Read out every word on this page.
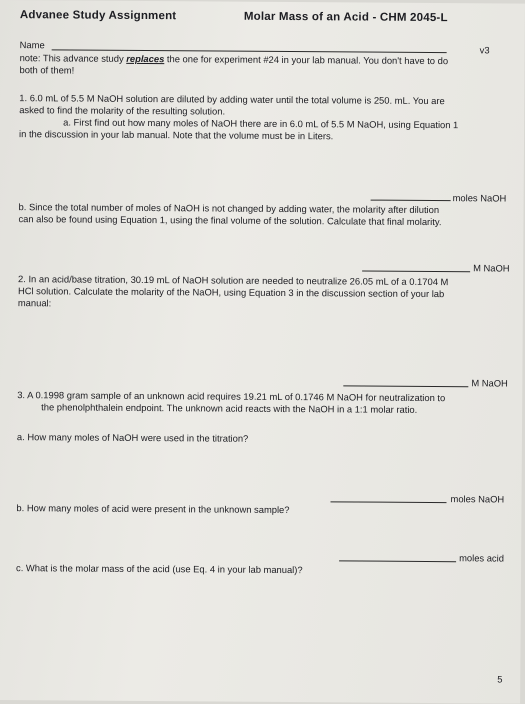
Advanee Study Assignment	Molar Mass of an Acid - CHM 2045-L
Name	v3
note: This advance study replaces the one for experiment #24 in your lab manual. You don't have to do
both of them!
1. 6.0 mL of 5.5 M NaOH solution are diluted by adding water until the total volume is 250. mL. You are
asked to find the molarity of the resulting solution.
a. First find out how many moles of NaOH there are in 6.0 mL of 5.5 M NaOH, using Equation 1
in the discussion in your lab manual. Note that the volume must be in Liters.
moles NaOH
b. Since the total number of moles of NaOH is not changed by adding water, the molarity after dilution
can also be found using Equation 1, using the final volume of the solution. Calculate that final molarity.
M NaOH
2. In an acid/base titration, 30.19 mL of NaOH solution are needed to neutralize 26.05 mL of a 0.1704 M
HCl solution. Calculate the molarity of the NaOH, using Equation 3 in the discussion section of your lab
manual:
M NaOH
3. A 0.1998 gram sample of an unknown acid requires 19.21 mL of 0.1746 M NaOH for neutralization to
the phenolphthalein endpoint. The unknown acid reacts with the NaOH in a 1:1 molar ratio.
a. How many moles of NaOH were used in the titration?
moles NaOH
b. How many moles of acid were present in the unknown sample?
moles acid
c. What is the molar mass of the acid (use Eq. 4 in your lab manual)?
5
